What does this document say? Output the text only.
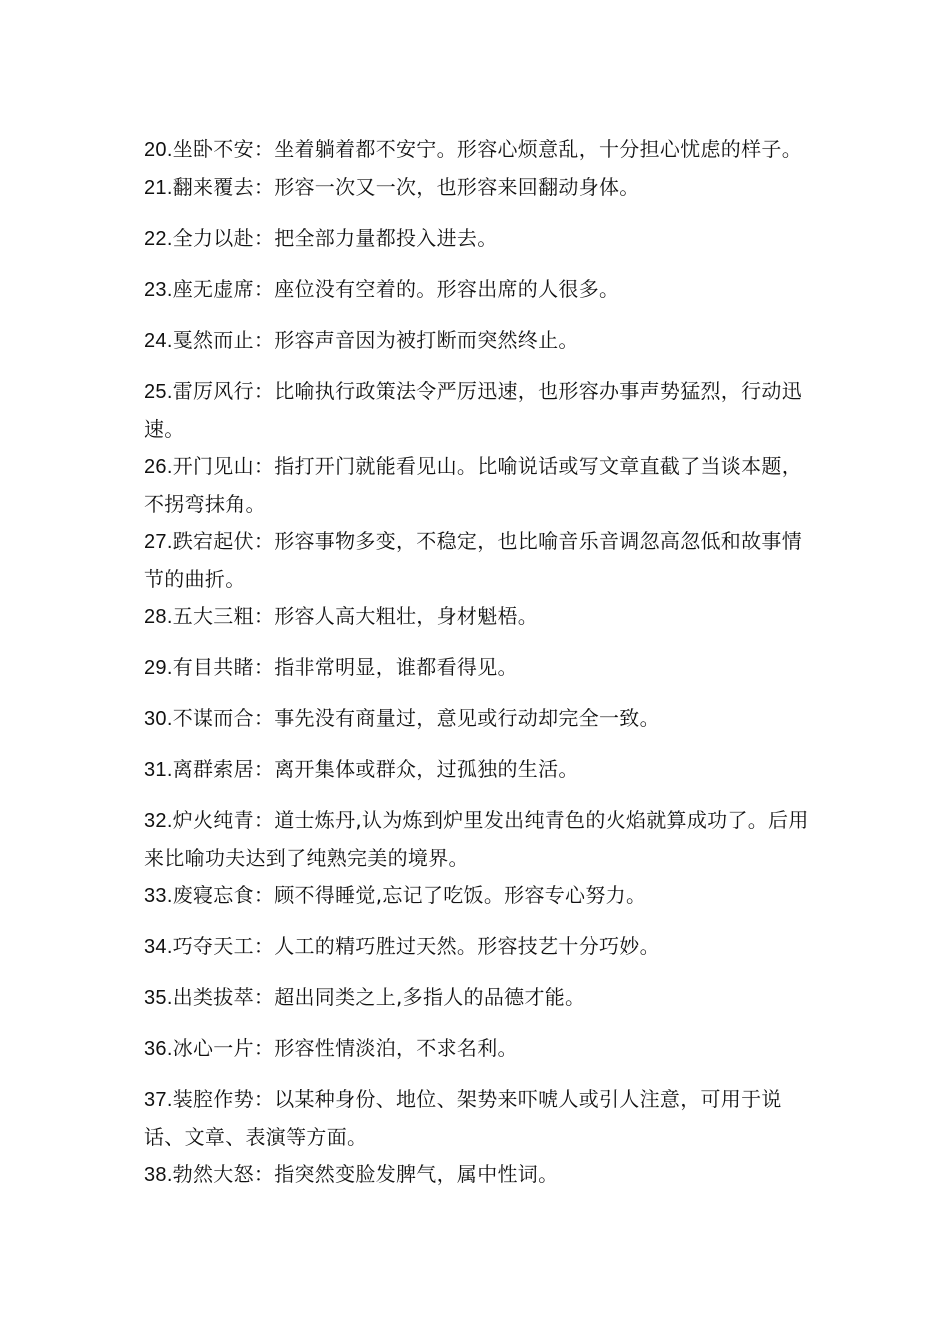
20.坐卧不安：坐着躺着都不安宁。形容心烦意乱，十分担心忧虑的样子。

21.翻来覆去：形容一次又一次，也形容来回翻动身体。

22.全力以赴：把全部力量都投入进去。

23.座无虚席：座位没有空着的。形容出席的人很多。

24.戛然而止：形容声音因为被打断而突然终止。

25.雷厉风行：比喻执行政策法令严厉迅速，也形容办事声势猛烈，行动迅速。

26.开门见山：指打开门就能看见山。比喻说话或写文章直截了当谈本题，不拐弯抹角。

27.跌宕起伏：形容事物多变，不稳定，也比喻音乐音调忽高忽低和故事情节的曲折。

28.五大三粗：形容人高大粗壮，身材魁梧。

29.有目共睹：指非常明显，谁都看得见。

30.不谋而合：事先没有商量过，意见或行动却完全一致。

31.离群索居：离开集体或群众，过孤独的生活。

32.炉火纯青：道士炼丹,认为炼到炉里发出纯青色的火焰就算成功了。后用来比喻功夫达到了纯熟完美的境界。

33.废寝忘食：顾不得睡觉,忘记了吃饭。形容专心努力。

34.巧夺天工：人工的精巧胜过天然。形容技艺十分巧妙。

35.出类拔萃：超出同类之上,多指人的品德才能。

36.冰心一片：形容性情淡泊，不求名利。

37.装腔作势：以某种身份、地位、架势来吓唬人或引人注意，可用于说话、文章、表演等方面。

38.勃然大怒：指突然变脸发脾气，属中性词。
